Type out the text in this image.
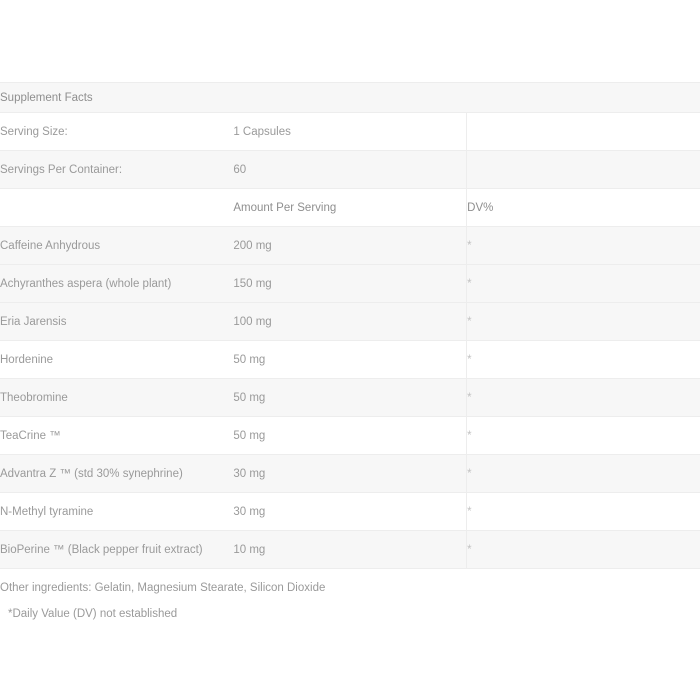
Supplement Facts		
Serving Size:	1 Capsules	
Servings Per Container:	60	
	Amount Per Serving	DV%
Caffeine Anhydrous	200 mg	*
Achyranthes aspera (whole plant)	150 mg	*
Eria Jarensis	100 mg	*
Hordenine	50 mg	*
Theobromine	50 mg	*
TeaCrine ™	50 mg	*
Advantra Z ™ (std 30% synephrine)	30 mg	*
N-Methyl tyramine	30 mg	*
BioPerine ™ (Black pepper fruit extract)	10 mg	*
Other ingredients: Gelatin, Magnesium Stearate, Silicon Dioxide		
*Daily Value (DV) not established
